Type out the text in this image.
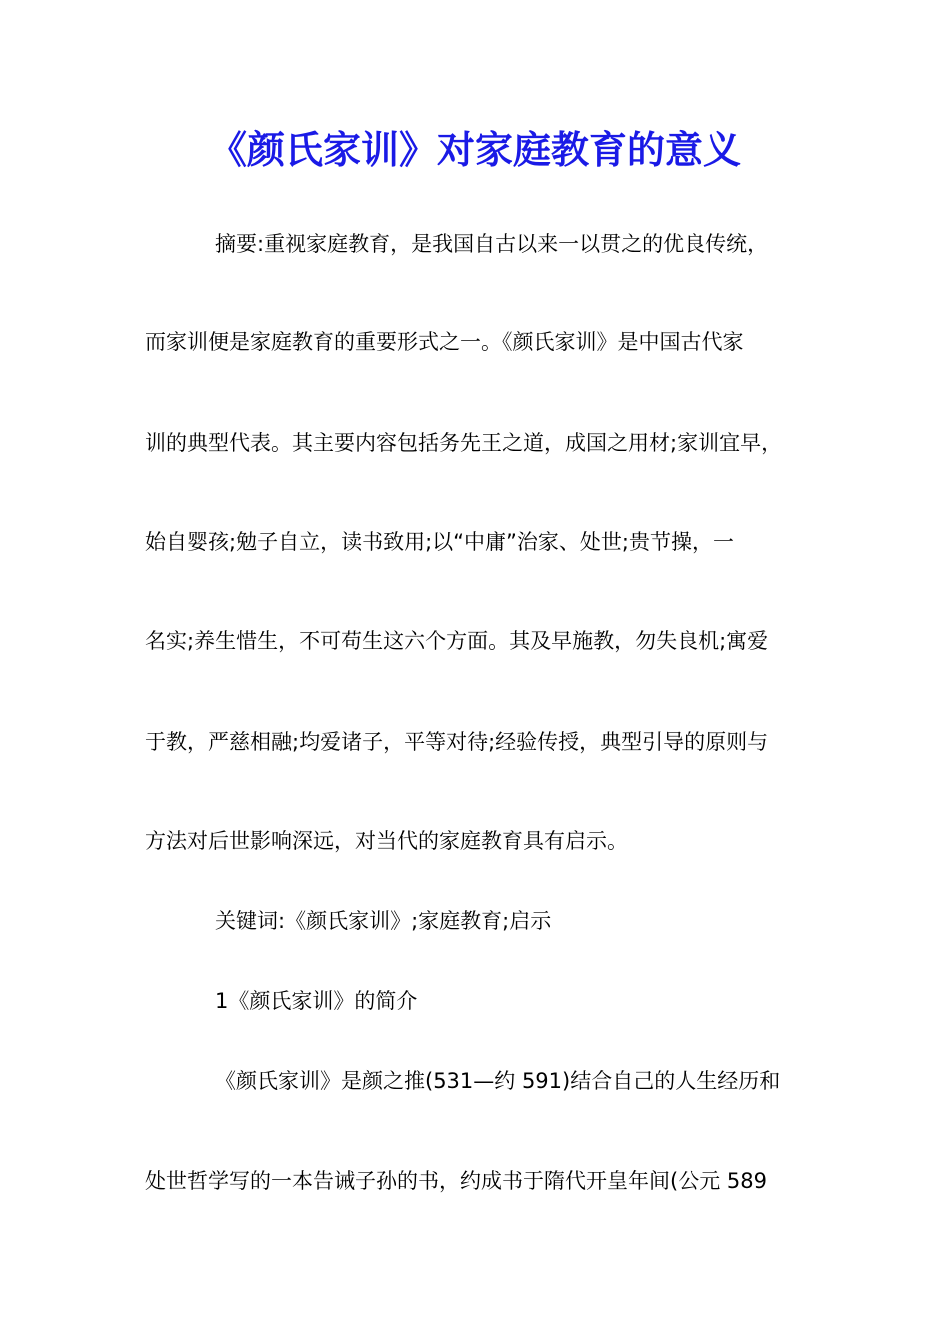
《颜氏家训》对家庭教育的意义
摘要:重视家庭教育，是我国自古以来一以贯之的优良传统，
而家训便是家庭教育的重要形式之一。《颜氏家训》是中国古代家
训的典型代表。其主要内容包括务先王之道，成国之用材;家训宜早，
始自婴孩;勉子自立，读书致用;以“中庸”治家、处世;贵节操，一
名实;养生惜生，不可苟生这六个方面。其及早施教，勿失良机;寓爱
于教，严慈相融;均爱诸子，平等对待;经验传授，典型引导的原则与
方法对后世影响深远，对当代的家庭教育具有启示。
关键词:《颜氏家训》;家庭教育;启示
1《颜氏家训》的简介
《颜氏家训》是颜之推(531—约 591)结合自己的人生经历和
处世哲学写的一本告诫子孙的书，约成书于隋代开皇年间(公元 589
